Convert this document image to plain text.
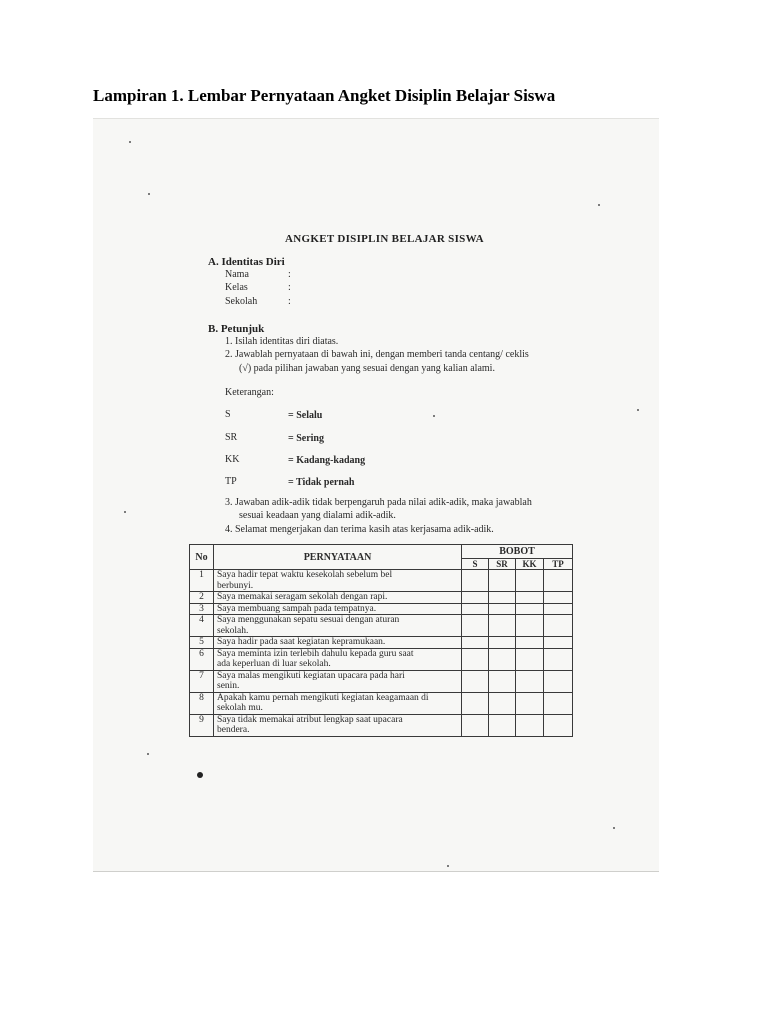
Lampiran 1. Lembar Pernyataan Angket Disiplin Belajar Siswa
ANGKET DISIPLIN BELAJAR SISWA
A. Identitas Diri
Nama	:
Kelas	:
Sekolah	:
B. Petunjuk
1. Isilah identitas diri diatas.
2. Jawablah pernyataan di bawah ini, dengan memberi tanda centang/ ceklis
(√) pada pilihan jawaban yang sesuai dengan yang kalian alami.
Keterangan:
S	= Selalu
SR	= Sering
KK	= Kadang-kadang
TP	= Tidak pernah
3. Jawaban adik-adik tidak berpengaruh pada nilai adik-adik, maka jawablah
sesuai keadaan yang dialami adik-adik.
4. Selamat mengerjakan dan terima kasih atas kerjasama adik-adik.
No	PERNYATAAN	BOBOT			
		S	SR	KK	TP
1	Saya hadir tepat waktu kesekolah sebelum bel
berbunyi.				
2	Saya memakai seragam sekolah dengan rapi.				
3	Saya membuang sampah pada tempatnya.				
4	Saya menggunakan sepatu sesuai dengan aturan
sekolah.				
5	Saya hadir pada saat kegiatan kepramukaan.				
6	Saya meminta izin terlebih dahulu kepada guru saat
ada keperluan di luar sekolah.				
7	Saya malas mengikuti kegiatan upacara pada hari
senin.				
8	Apakah kamu pernah mengikuti kegiatan keagamaan di
sekolah mu.				
9	Saya tidak memakai atribut lengkap saat upacara
bendera.				
